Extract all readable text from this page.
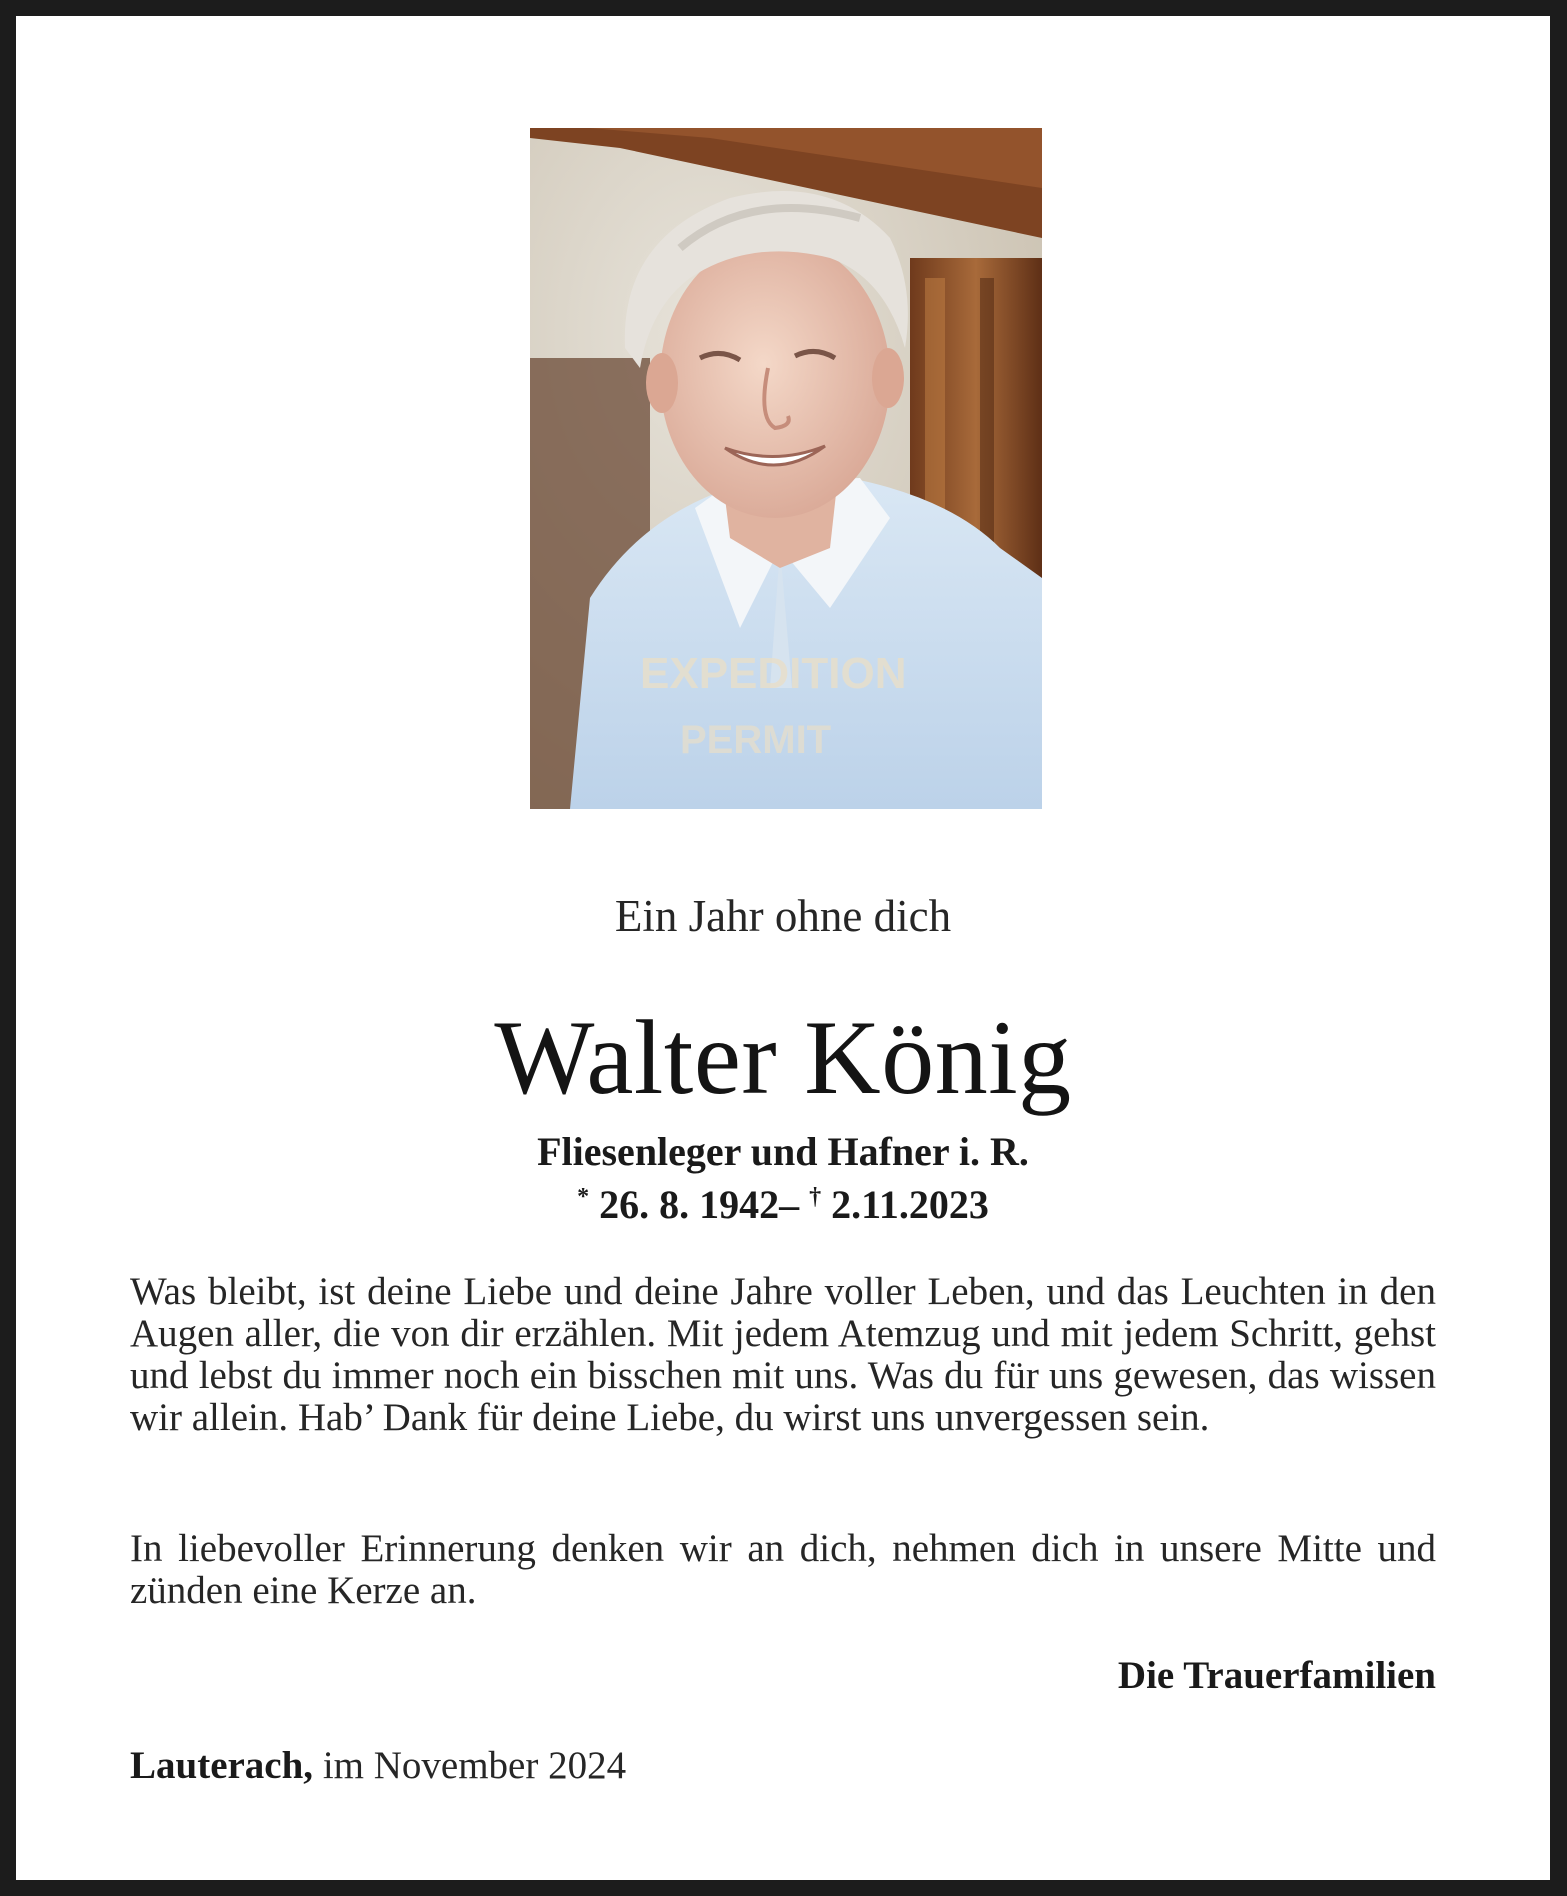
EXPEDITION
PERMIT
Ein Jahr ohne dich
Walter König
Fliesenleger und Hafner i. R.
* 26. 8. 1942– † 2.11.2023

Was bleibt, ist deine Liebe und deine Jahre voller Leben, und das Leuchten in den Augen aller, die von dir erzählen. Mit jedem Atemzug und mit jedem Schritt, gehst und lebst du immer noch ein bisschen mit uns. Was du für uns gewesen, das wissen wir allein. Hab’ Dank für deine Liebe, du wirst uns unvergessen sein.

In liebevoller Erinnerung denken wir an dich, nehmen dich in unsere Mitte und zünden eine Kerze an.

Die Trauerfamilien
Lauterach, im November 2024
